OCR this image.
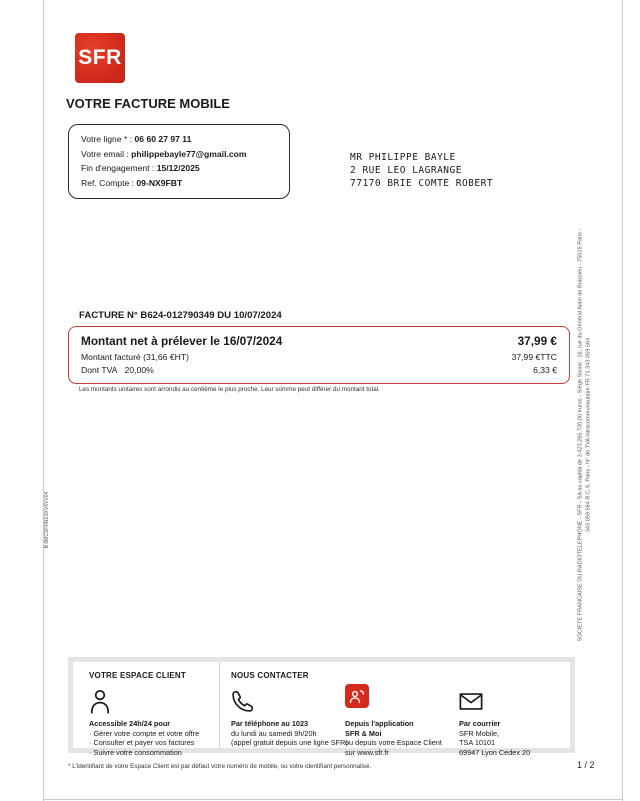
SFR
VOTRE FACTURE MOBILE
Votre ligne * : 06 60 27 97 11
Votre email : philippebayle77@gmail.com
Fin d'engagement : 15/12/2025
Ref. Compte : 09-NX9FBT
MR PHILIPPE BAYLE
2 RUE LEO LAGRANGE
77170 BRIE COMTE ROBERT
FACTURE N° B624-012790349 DU 10/07/2024
Montant net à prélever le 16/07/2024	37,99 €
Montant facturé (31,66 €HT)	37,99 €TTC
Dont TVA   20,00%	6,33 €
Les montants unitaires sont arrondis au centième le plus proche. Leur somme peut différer du montant total.
B 6MCSFRN1SXV6VV04	SOCIETE FRANCAISE DU RADIOTELEPHONE - SFR - SA au capital de 3.423.265.720,00 euros - Siège Social : 16, rue du Général Alain de Boissieu - 75015 Paris - 343 059 564 R.C.S. Paris - N° de TVA intracommunautaire FR 71 343 059 564
VOTRE ESPACE CLIENT
Accessible 24h/24 pour
· Gérer votre compte et votre offre
· Consulter et payer vos factures
· Suivre votre consommation
NOUS CONTACTER
Par téléphone au 1023
du lundi au samedi 9h/20h
(appel gratuit depuis une ligne SFR)
Depuis l'application
SFR & Moi
ou depuis votre Espace Client
sur www.sfr.fr
Par courrier
SFR Mobile,
TSA 10101
69947 Lyon Cedex 20
* L'identifiant de votre Espace Client est par défaut votre numéro de mobile, ou votre identifiant personnalisé.	1 / 2
